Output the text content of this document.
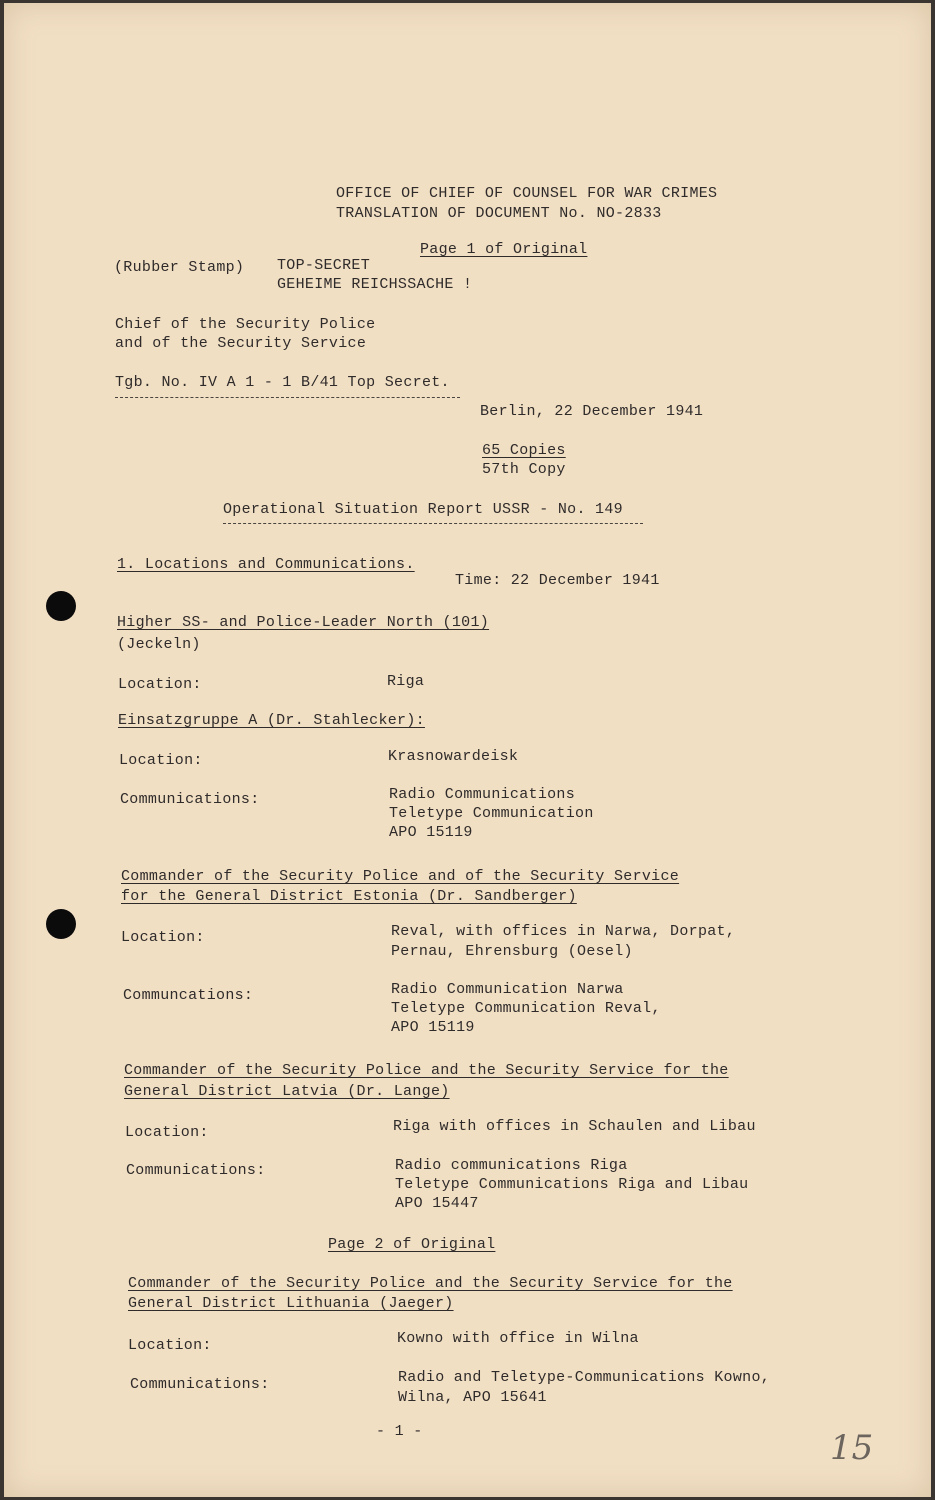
OFFICE OF CHIEF OF COUNSEL FOR WAR CRIMES
TRANSLATION OF DOCUMENT No. NO-2833
Page 1 of Original
(Rubber Stamp) TOP-SECRET
GEHEIME REICHSSACHE !
Chief of the Security Police
and of the Security Service
Tgb. No. IV A 1 - 1 B/41 Top Secret.
Berlin, 22 December 1941
65 Copies
57th Copy
Operational Situation Report USSR - No. 149
1. Locations and Communications.
Time: 22 December 1941
Higher SS- and Police-Leader North (101)
(Jeckeln)
Location:	Riga
Einsatzgruppe A (Dr. Stahlecker):
Location:	Krasnowardeisk
Communications:	Radio Communications
Teletype Communication
APO 15119
Commander of the Security Police and of the Security Service
for the General District Estonia (Dr. Sandberger)
Location:	Reval, with offices in Narwa, Dorpat,
Pernau, Ehrensburg (Oesel)
Communcations:	Radio Communication Narwa
Teletype Communication Reval,
APO 15119
Commander of the Security Police and the Security Service for the
General District Latvia (Dr. Lange)
Location:	Riga with offices in Schaulen and Libau
Communications:	Radio communications Riga
Teletype Communications Riga and Libau
APO 15447
Page 2 of Original
Commander of the Security Police and the Security Service for the
General District Lithuania (Jaeger)
Location:	Kowno with office in Wilna
Communications:	Radio and Teletype-Communications Kowno,
Wilna, APO 15641
- 1 -	15
